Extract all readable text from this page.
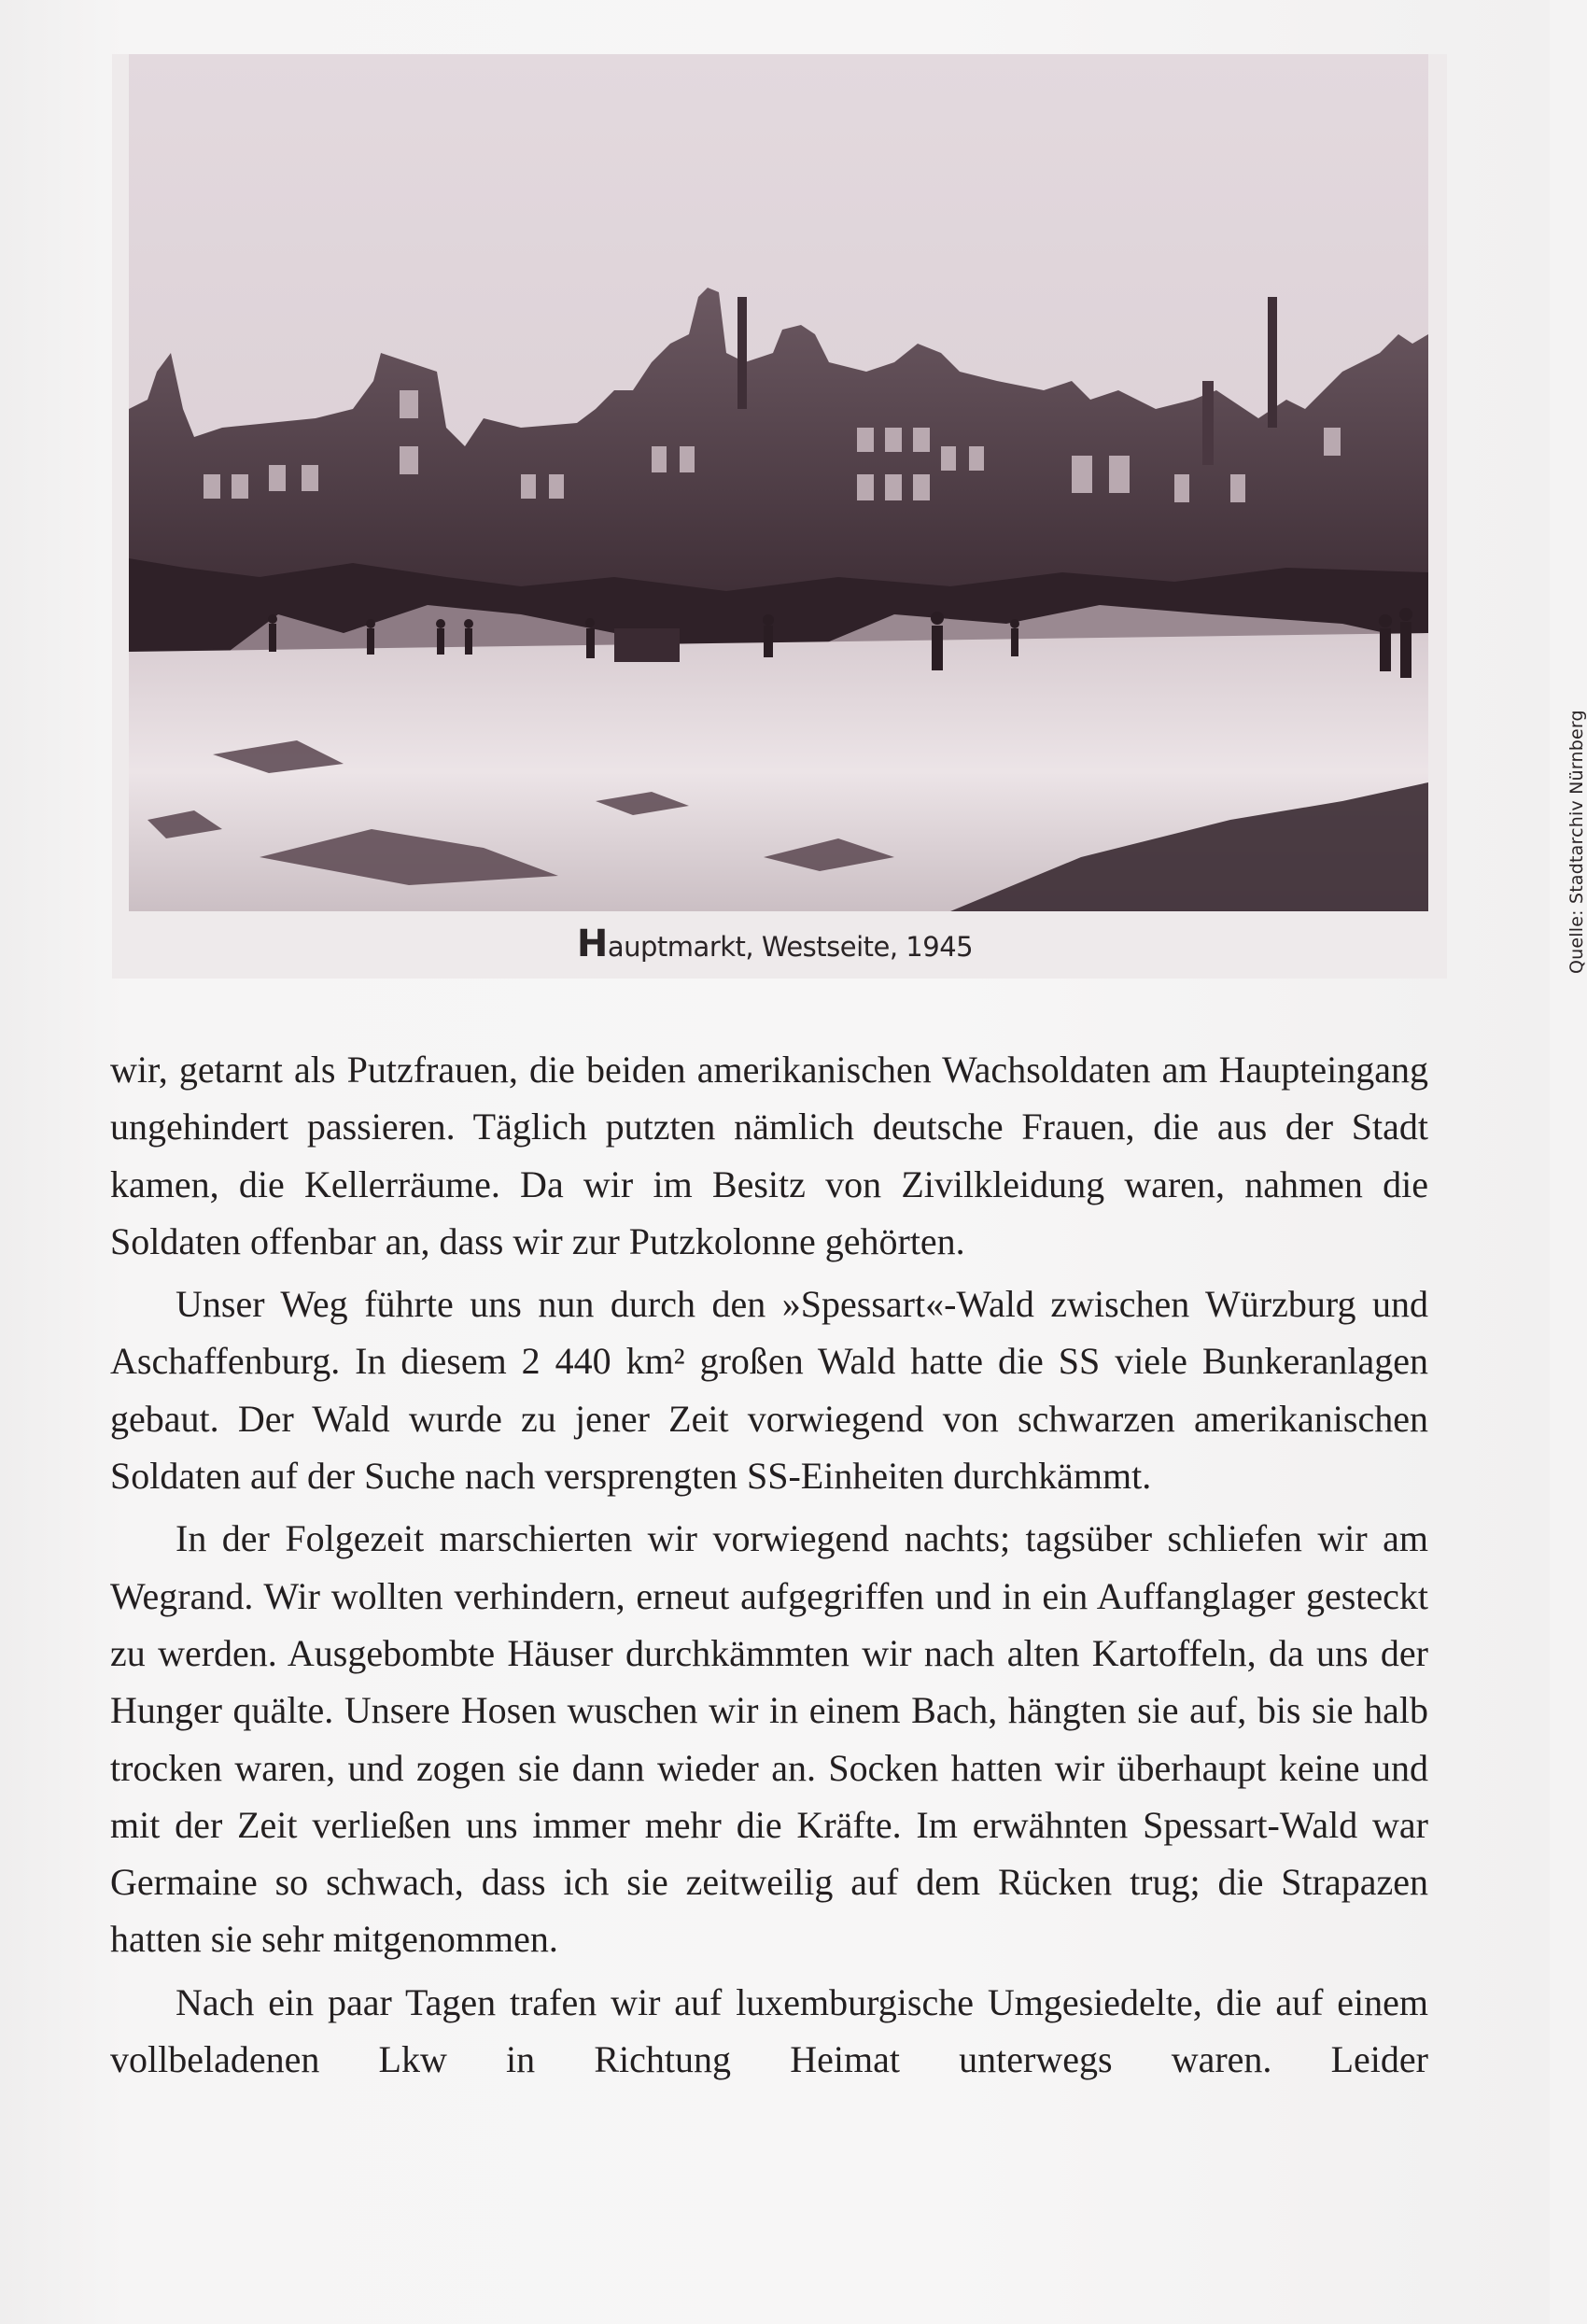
Quelle: Stadtarchiv Nürnberg
Hauptmarkt, Westseite, 1945

wir, getarnt als Putzfrauen, die beiden amerikanischen Wachsoldaten am Haupteingang ungehindert passieren. Täglich putzten nämlich deutsche Frauen, die aus der Stadt kamen, die Kellerräume. Da wir im Besitz von Zivilkleidung waren, nahmen die Soldaten offenbar an, dass wir zur Putzkolonne gehörten.

Unser Weg führte uns nun durch den »Spessart«-Wald zwischen Würzburg und Aschaffenburg. In diesem 2 440 km² großen Wald hatte die SS viele Bunkeranlagen gebaut. Der Wald wurde zu jener Zeit vorwiegend von schwarzen amerikanischen Soldaten auf der Suche nach versprengten SS-Einheiten durchkämmt.

In der Folgezeit marschierten wir vorwiegend nachts; tagsüber schliefen wir am Wegrand. Wir wollten verhindern, erneut aufgegriffen und in ein Auffanglager gesteckt zu werden. Ausgebombte Häuser durchkämmten wir nach alten Kartoffeln, da uns der Hunger quälte. Unsere Hosen wuschen wir in einem Bach, hängten sie auf, bis sie halb trocken waren, und zogen sie dann wieder an. Socken hatten wir überhaupt keine und mit der Zeit verließen uns immer mehr die Kräfte. Im erwähnten Spessart-Wald war Germaine so schwach, dass ich sie zeitweilig auf dem Rücken trug; die Strapazen hatten sie sehr mitgenommen.

Nach ein paar Tagen trafen wir auf luxemburgische Umgesiedelte, die auf einem vollbeladenen Lkw in Richtung Heimat unterwegs waren. Leider
